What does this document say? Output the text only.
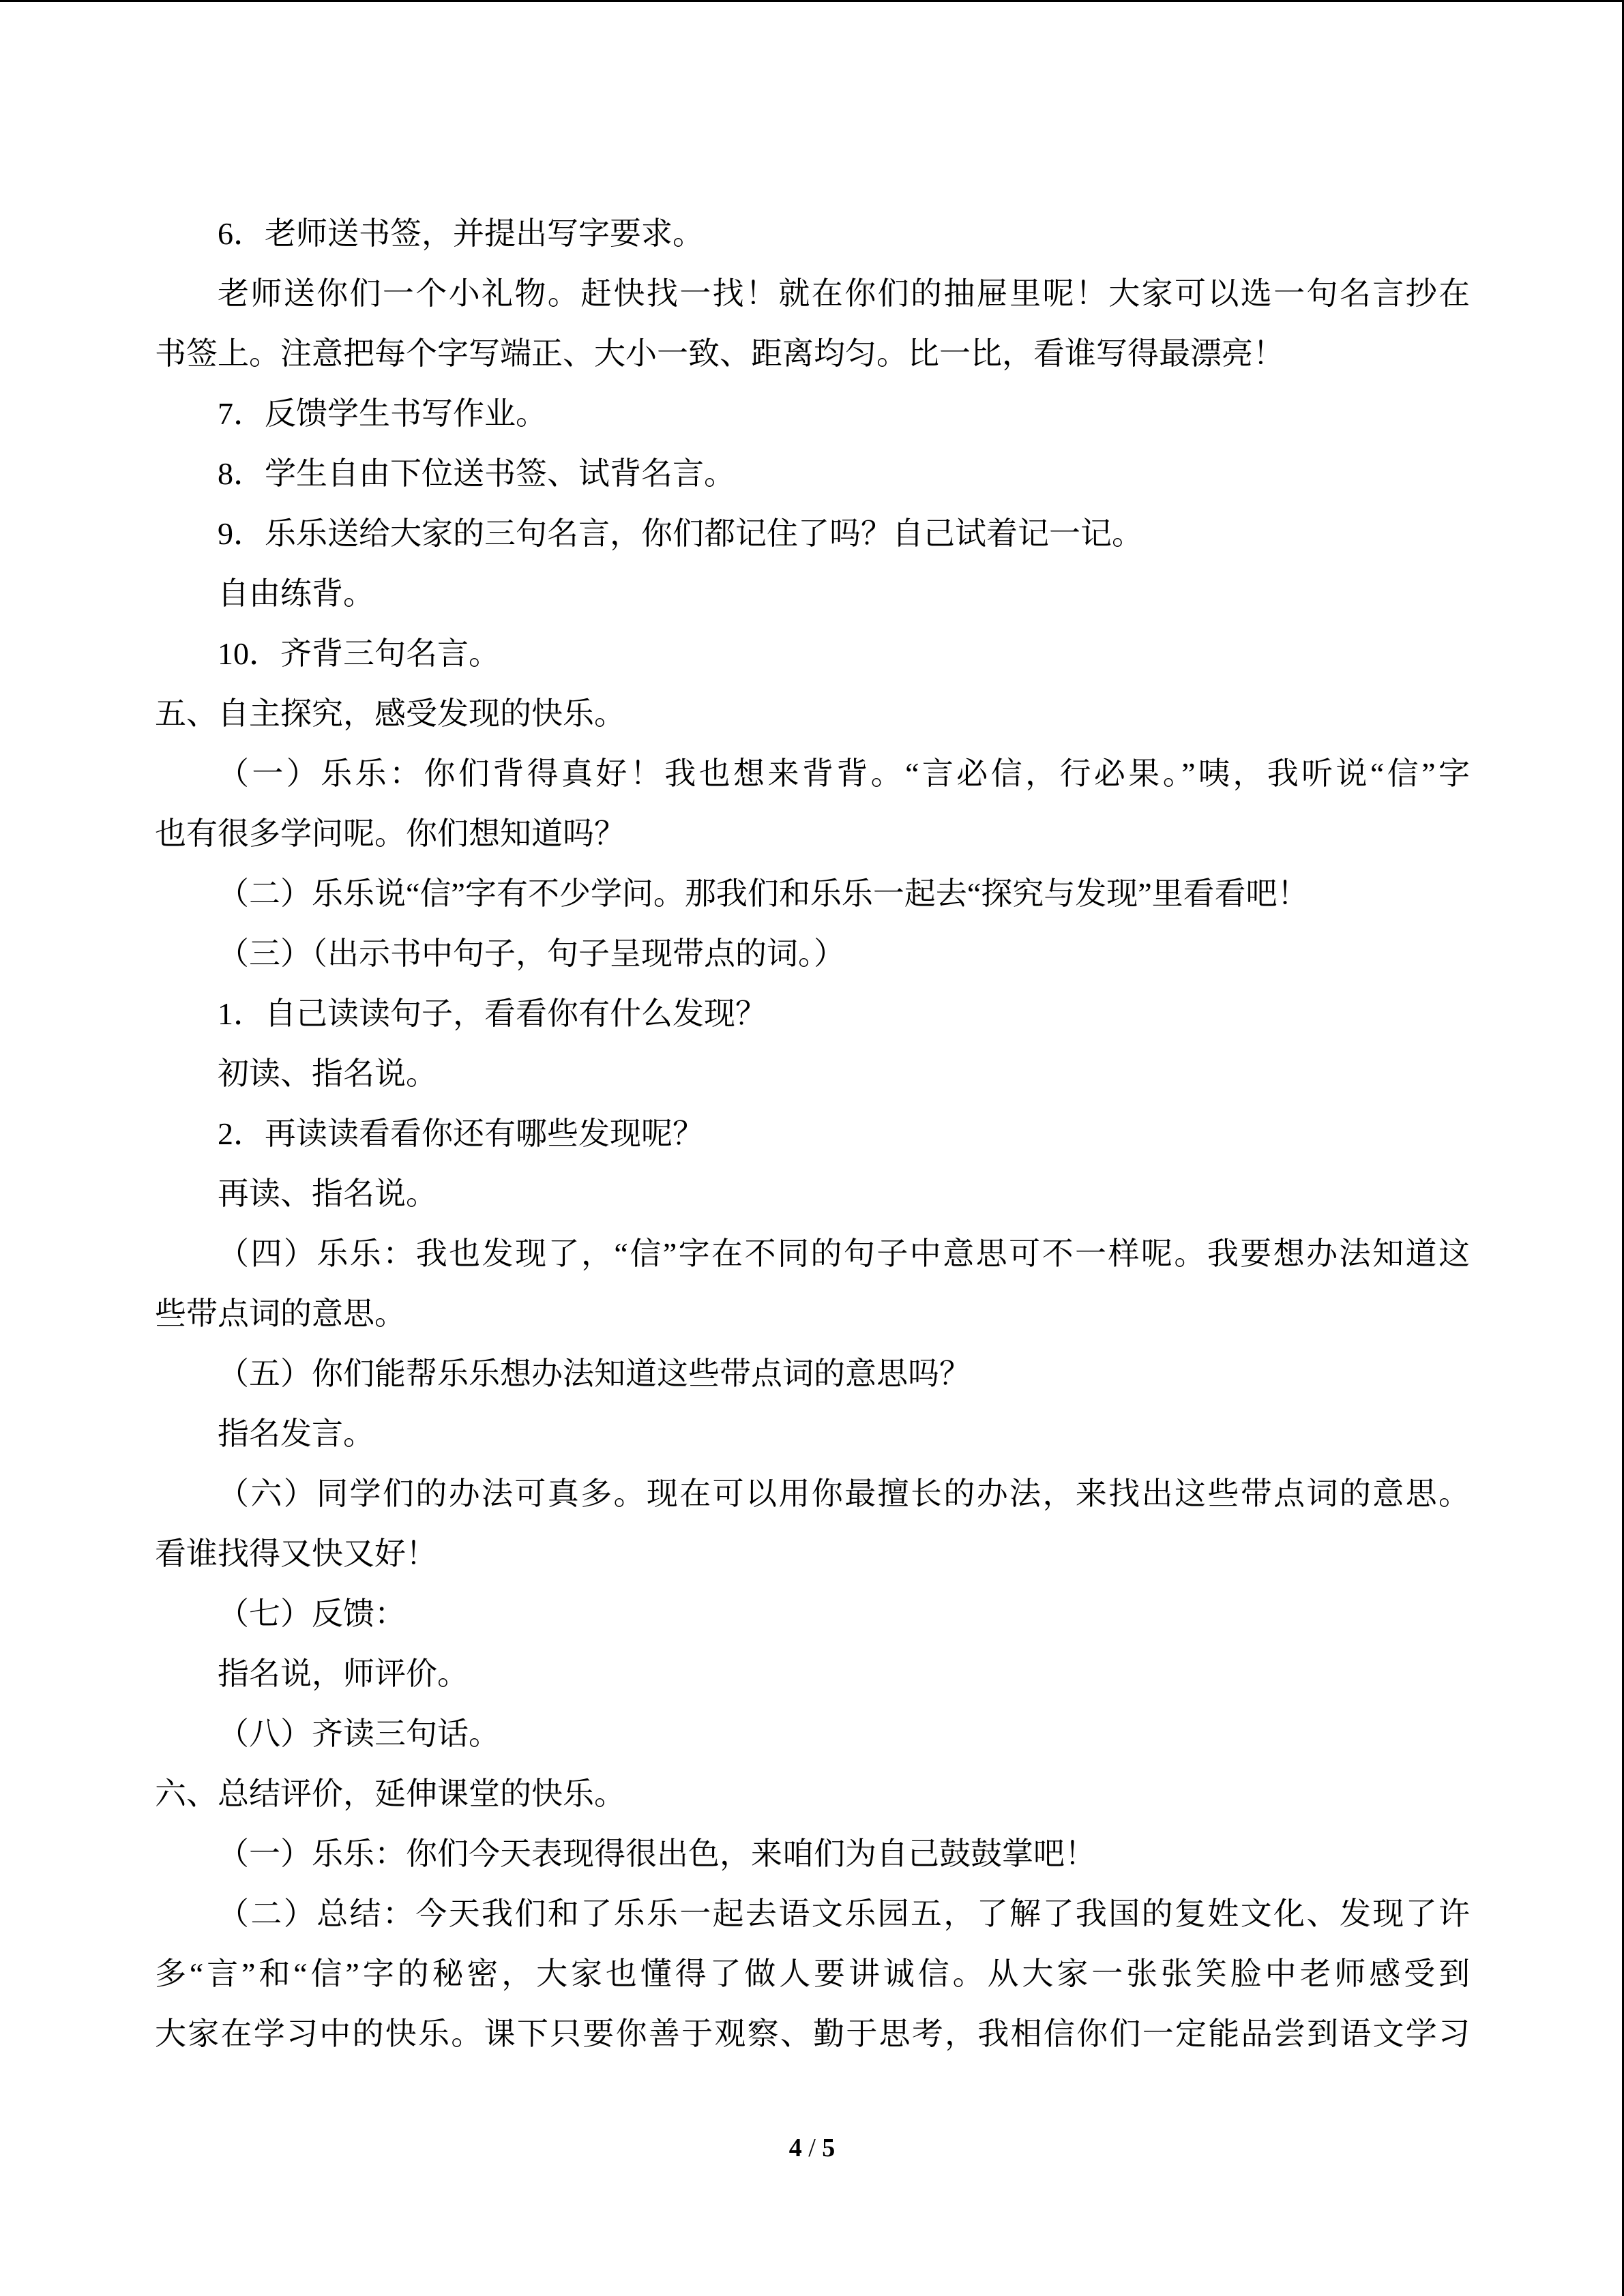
6．老师送书签，并提出写字要求。
老师送你们一个小礼物。赶快找一找！就在你们的抽屉里呢！大家可以选一句名言抄在
书签上。注意把每个字写端正、大小一致、距离均匀。比一比，看谁写得最漂亮！
7．反馈学生书写作业。
8．学生自由下位送书签、试背名言。
9．乐乐送给大家的三句名言，你们都记住了吗？自己试着记一记。
自由练背。
10．齐背三句名言。
五、自主探究，感受发现的快乐。
（一）乐乐：你们背得真好！我也想来背背。“言必信，行必果。”咦，我听说“信”字
也有很多学问呢。你们想知道吗？
（二）乐乐说“信”字有不少学问。那我们和乐乐一起去“探究与发现”里看看吧！
（三）（出示书中句子，句子呈现带点的词。）
1．自己读读句子，看看你有什么发现？
初读、指名说。
2．再读读看看你还有哪些发现呢？
再读、指名说。
（四）乐乐：我也发现了，“信”字在不同的句子中意思可不一样呢。我要想办法知道这
些带点词的意思。
（五）你们能帮乐乐想办法知道这些带点词的意思吗？
指名发言。
（六）同学们的办法可真多。现在可以用你最擅长的办法，来找出这些带点词的意思。
看谁找得又快又好！
（七）反馈：
指名说，师评价。
（八）齐读三句话。
六、总结评价，延伸课堂的快乐。
（一）乐乐：你们今天表现得很出色，来咱们为自己鼓鼓掌吧！
（二）总结：今天我们和了乐乐一起去语文乐园五，了解了我国的复姓文化、发现了许
多“言”和“信”字的秘密，大家也懂得了做人要讲诚信。从大家一张张笑脸中老师感受到
大家在学习中的快乐。课下只要你善于观察、勤于思考，我相信你们一定能品尝到语文学习
4 / 5
